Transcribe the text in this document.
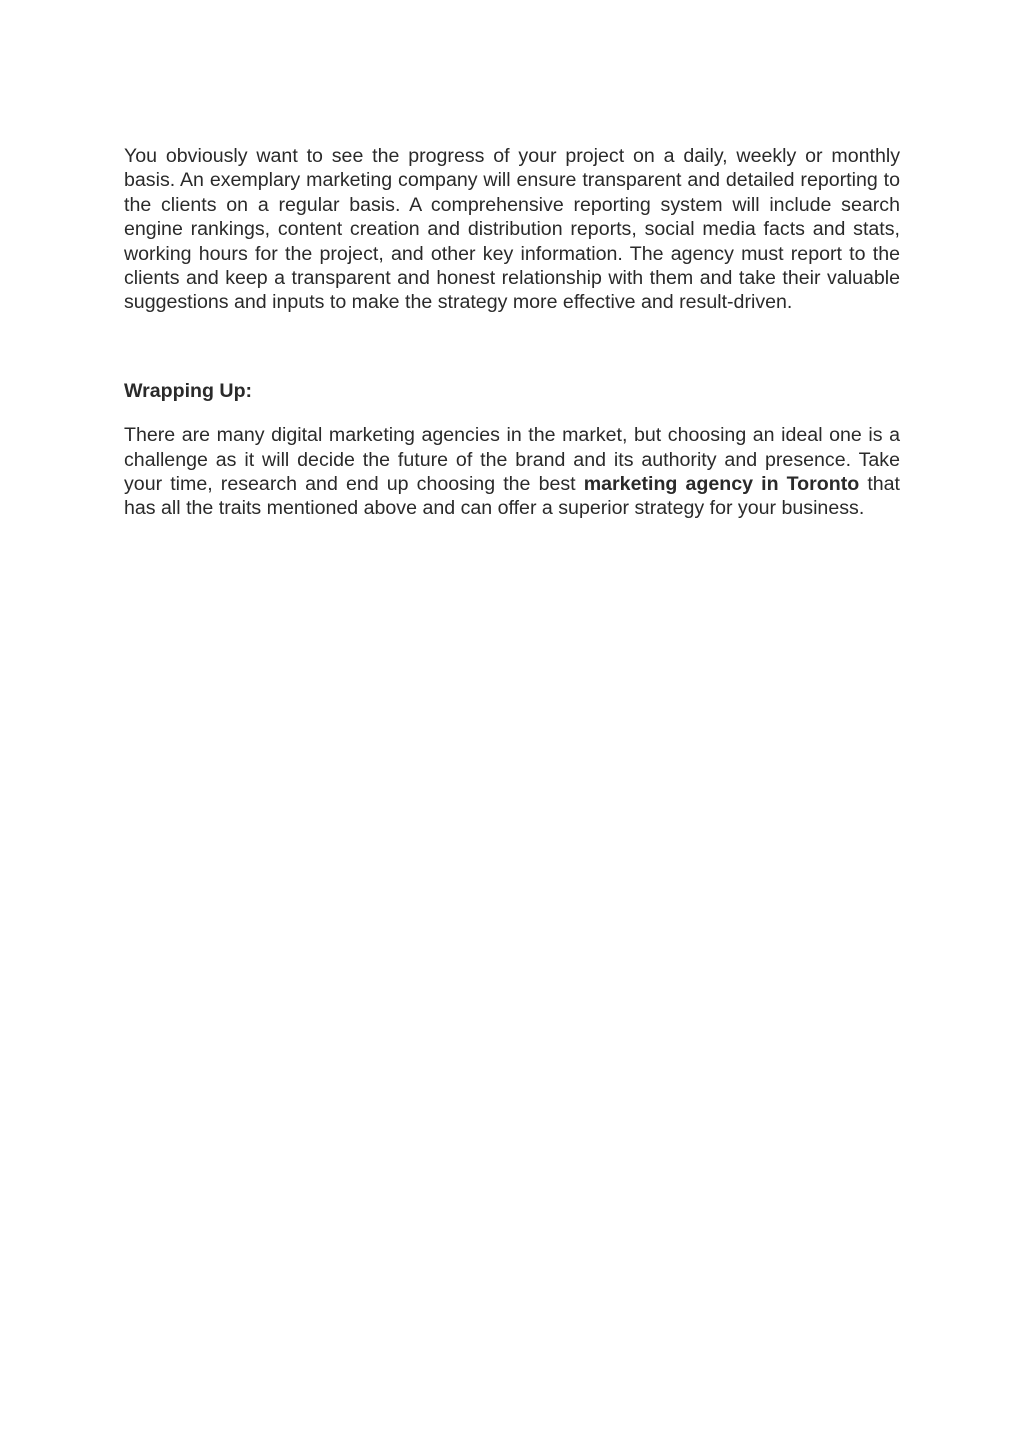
You obviously want to see the progress of your project on a daily, weekly or monthly basis. An exemplary marketing company will ensure transparent and detailed reporting to the clients on a regular basis. A comprehensive reporting system will include search engine rankings, content creation and distribution reports, social media facts and stats, working hours for the project, and other key information. The agency must report to the clients and keep a transparent and honest relationship with them and take their valuable suggestions and inputs to make the strategy more effective and result-driven.

Wrapping Up:

There are many digital marketing agencies in the market, but choosing an ideal one is a challenge as it will decide the future of the brand and its authority and presence. Take your time, research and end up choosing the best marketing agency in Toronto that has all the traits mentioned above and can offer a superior strategy for your business.
